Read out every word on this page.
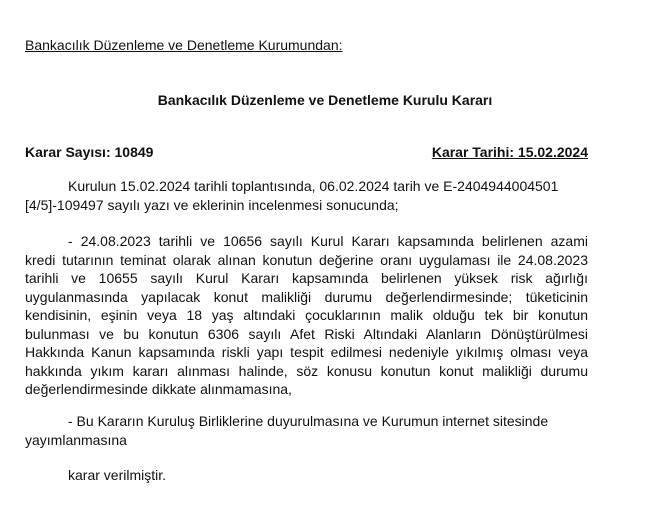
Bankacılık Düzenleme ve Denetleme Kurumundan:
Bankacılık Düzenleme ve Denetleme Kurulu Kararı
Karar Sayısı: 10849	Karar Tarihi: 15.02.2024
Kurulun 15.02.2024 tarihli toplantısında, 06.02.2024 tarih ve E-2404944004501
[4/5]-109497 sayılı yazı ve eklerinin incelenmesi sonucunda;
- 24.08.2023 tarihli ve 10656 sayılı Kurul Kararı kapsamında belirlenen azami
kredi tutarının teminat olarak alınan konutun değerine oranı uygulaması ile 24.08.2023
tarihli ve 10655 sayılı Kurul Kararı kapsamında belirlenen yüksek risk ağırlığı
uygulanmasında yapılacak konut malikliği durumu değerlendirmesinde; tüketicinin
kendisinin, eşinin veya 18 yaş altındaki çocuklarının malik olduğu tek bir konutun
bulunması ve bu konutun 6306 sayılı Afet Riski Altındaki Alanların Dönüştürülmesi
Hakkında Kanun kapsamında riskli yapı tespit edilmesi nedeniyle yıkılmış olması veya
hakkında yıkım kararı alınması halinde, söz konusu konutun konut malikliği durumu
değerlendirmesinde dikkate alınmamasına,
- Bu Kararın Kuruluş Birliklerine duyurulmasına ve Kurumun internet sitesinde
yayımlanmasına
karar verilmiştir.
